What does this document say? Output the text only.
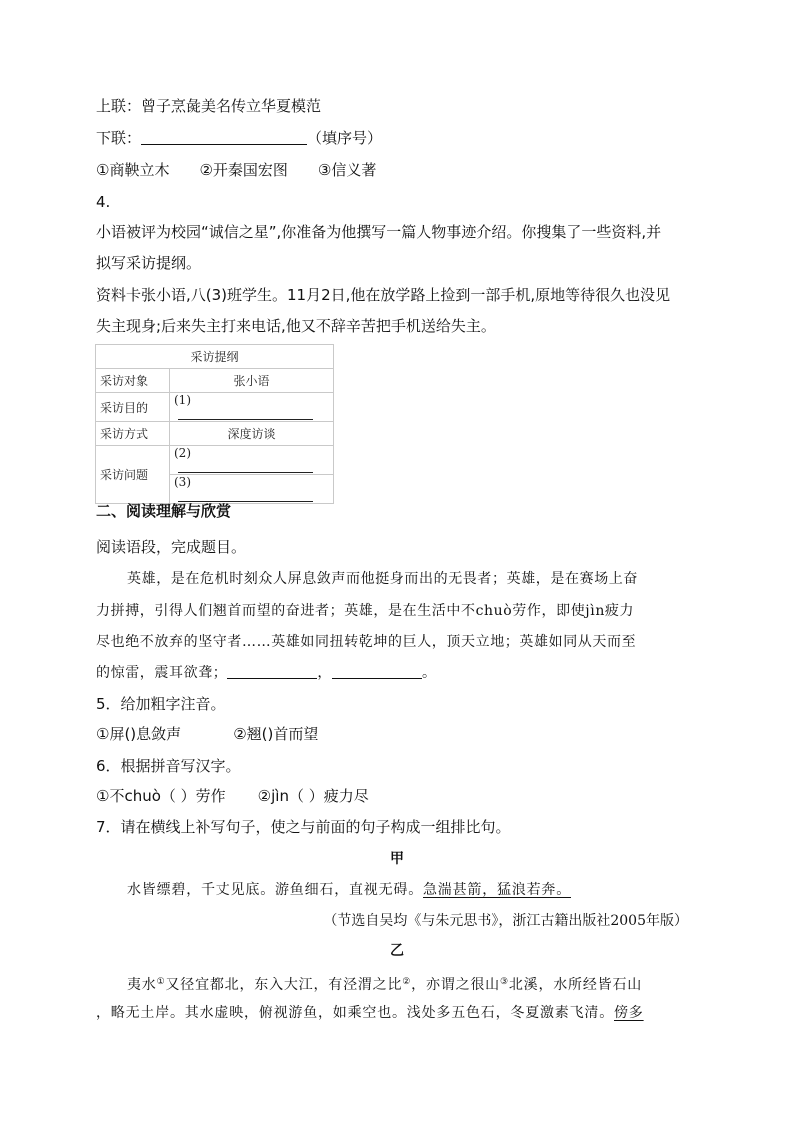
上联：曾子烹彘美名传立华夏模范
下联：	（填序号）
①商鞅立木 ②开秦国宏图 ③信义著
4.
小语被评为校园“诚信之星”,你准备为他撰写一篇人物事迹介绍。你搜集了一些资料,并
拟写采访提纲。
资料卡张小语,八(3)班学生。11月2日,他在放学路上捡到一部手机,原地等待很久也没见
失主现身;后来失主打来电话,他又不辞辛苦把手机送给失主。
采访提纲	
采访对象	张小语
采访目的	(1)
采访方式	深度访谈
采访问题	(2)
	(3)
二、阅读理解与欣赏
阅读语段，完成题目。
英雄，是在危机时刻众人屏息敛声而他挺身而出的无畏者；英雄，是在赛场上奋
力拼搏，引得人们翘首而望的奋进者；英雄，是在生活中不chuò劳作，即使jìn疲力
尽也绝不放弃的坚守者……英雄如同扭转乾坤的巨人，顶天立地；英雄如同从天而至
的惊雷，震耳欲聋；	，	。
5．给加粗字注音。
①屏()息敛声	②翘()首而望
6．根据拼音写汉字。
①不chuò（ ）劳作 ②jìn（ ）疲力尽
7．请在横线上补写句子，使之与前面的句子构成一组排比句。
甲
水皆缥碧，千丈见底。游鱼细石，直视无碍。急湍甚箭，猛浪若奔。
（节选自吴均《与朱元思书》，浙江古籍出版社2005年版）
乙
夷水①又径宜都北，东入大江，有泾渭之比②，亦谓之很山③北溪，水所经皆石山
，略无土岸。其水虚映，俯视游鱼，如乘空也。浅处多五色石，冬夏激素飞清。傍多
